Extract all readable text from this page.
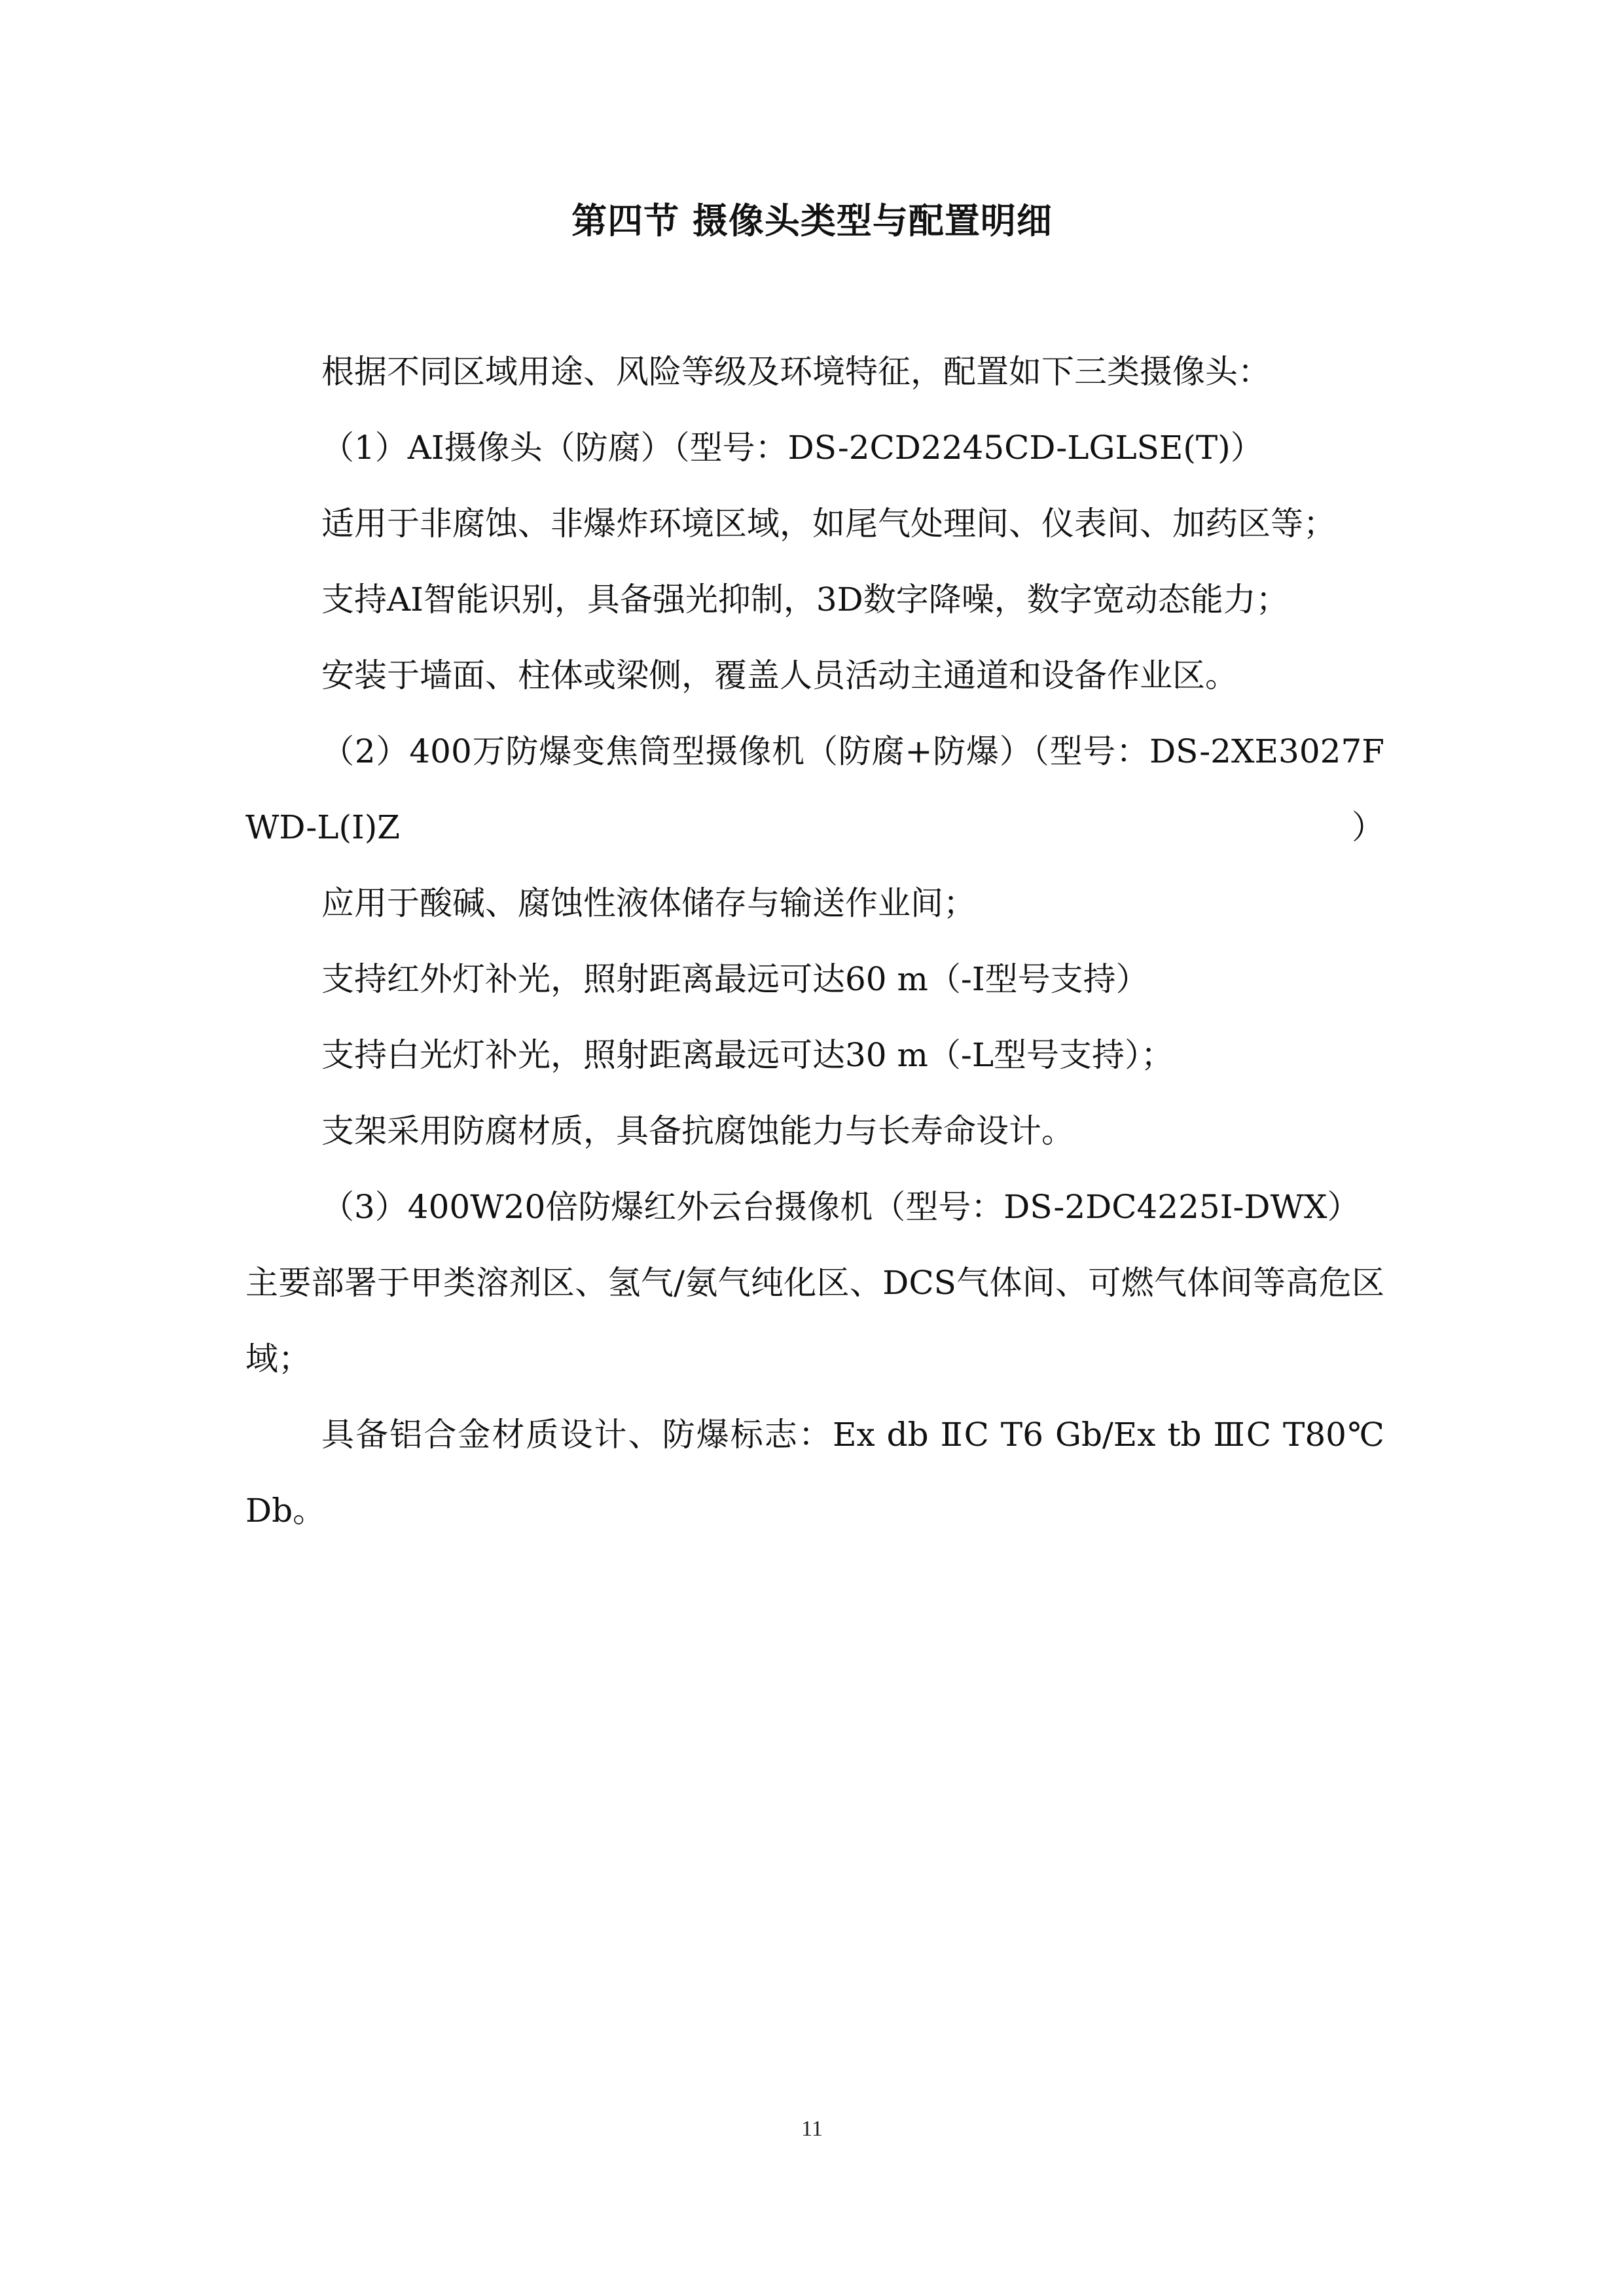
第四节 摄像头类型与配置明细

根据不同区域用途、风险等级及环境特征，配置如下三类摄像头：

（1）AI摄像头（防腐）（型号：DS-2CD2245CD-LGLSE(T)）

适用于非腐蚀、非爆炸环境区域，如尾气处理间、仪表间、加药区等；

支持AI智能识别，具备强光抑制，3D数字降噪，数字宽动态能力；

安装于墙面、柱体或梁侧，覆盖人员活动主通道和设备作业区。

（2）400万防爆变焦筒型摄像机（防腐+防爆）（型号：DS-2XE3027FWD-L(I)Z）

应用于酸碱、腐蚀性液体储存与输送作业间；

支持红外灯补光，照射距离最远可达60 m（-I型号支持）

支持白光灯补光，照射距离最远可达30 m（-L型号支持）；

支架采用防腐材质，具备抗腐蚀能力与长寿命设计。

（3）400W20倍防爆红外云台摄像机（型号：DS-2DC4225I-DWX）

主要部署于甲类溶剂区、氢气/氨气纯化区、DCS气体间、可燃气体间等高危区域；

具备铝合金材质设计、防爆标志：Ex db ⅡC T6 Gb/Ex tb ⅢC T80℃ Db。

11
